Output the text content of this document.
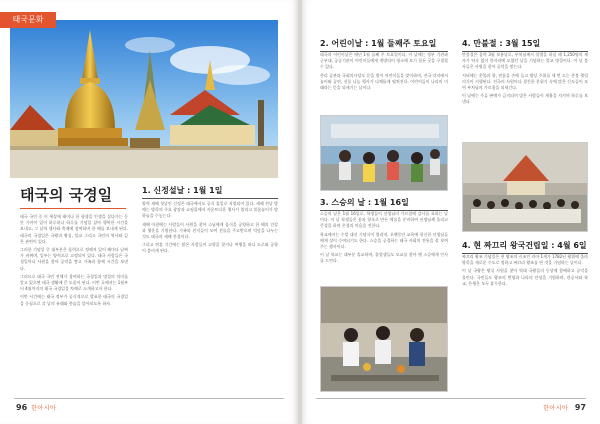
태국문화
태국의 국경일

태국 국민 중 이 세상에 태어나 한 평생을 인생을 살다가는 동안 가까이 있어 하루하나 하루를 기념일 삼아 행복한 시간을 보내고, 그 날의 행사와 축제에 참여하며 한 해를 보내게 된다. 태국의 국경일은 국왕과 왕실, 불교 그리고 국민의 역사와 깊은 관련이 있다.

그러한 기념일 중 대부분은 음력으로 정해져 있어 해마다 날짜가 바뀌며, 일부는 양력으로 고정되어 있다. 태국 사람들은 국경일마다 사원을 찾아 공덕을 쌓고 가족과 함께 시간을 보낸다.

그러므로 태국 국민 전체가 참여하는 국경일과 명절의 의미를 알고 있으면 태국 생활에 큰 도움이 된다. 이번 호에서는 1월부터 4월까지의 태국 국경일을 차례로 소개하고자 한다.

이번 시간에는 태국 정부가 공식적으로 발표한 태국의 국경일을 중심으로 각 날의 유래와 풍습을 알아보도록 하자.

1. 신정설날 : 1월 1일

양력 새해 첫날인 신정은 태국에서도 공식 휴일로 지정되어 있다. 새해 전날 밤에는 방콕의 주요 광장과 쇼핑몰에서 카운트다운 행사가 열리고 불꽃놀이가 밤하늘을 수놓는다.

새해 아침에는 사람들이 사원을 찾아 스님에게 음식을 공양하고 한 해의 건강과 행운을 기원한다. 가족과 친지들이 모여 선물을 주고받으며 덕담을 나누는 것도 태국의 새해 풍경이다.

그리고 연휴 기간에는 많은 사람들이 고향을 찾거나 여행을 떠나 도로와 공항이 붐비게 된다.

96 한아시아
2. 어린이날 : 1월 둘째주 토요일

태국의 어린이날은 매년 1월 둘째 주 토요일이다. 이 날에는 정부 기관과 군부대, 공공기관이 어린이들에게 개방되어 평소에 보기 힘든 곳을 구경할 수 있다.

총리 공관과 국회의사당도 문을 열어 어린이들을 맞이하며, 전국 각지에서 놀이와 공연, 선물 나눔 행사가 다채롭게 펼쳐진다. 어린이들이 나라의 미래라는 뜻을 되새기는 날이다.

3. 스승의 날 : 1월 16일

스승의 날은 1월 16일로, 학생들이 선생님의 가르침에 감사를 표하는 날이다. 이 날 학생들은 꽃과 향초로 만든 예물을 준비하여 선생님께 올리고 큰절을 하며 존경의 마음을 전한다.

학교에서는 수업 대신 기념식이 열리며, 오랫동안 교육에 헌신한 선생님들에게 상이 수여되기도 한다. 스승을 공경하는 태국 사회의 전통을 잘 보여주는 행사이다.

이 날 학교는 대부분 휴교하며, 졸업생들도 모교를 찾아 옛 스승에게 인사를 드린다.

4. 만불절 : 3월 15일

만불절은 음력 3월 보름날로, 부처님께서 설법을 하실 때 1,250명의 제자가 약속 없이 한자리에 모였던 날을 기념하는 불교 명절이다. 이 날 불자들은 사원을 찾아 공덕을 쌓는다.

저녁에는 촛불과 향, 연꽃을 손에 들고 법당 주위를 세 번 도는 촛불 행렬 의식이 거행된다. 전국의 사원마다 경건한 분위기 속에 많은 신도들이 모여 부처님의 가르침을 되새긴다.

이 날에는 주류 판매가 금지되며 많은 사람들이 계율을 지키며 하루를 보낸다.

4. 현 짜끄리 왕국건립일 : 4월 6일

짜끄리 왕조 기념일은 현 왕조의 시조인 라마 1세가 1782년 왕위에 올라 방콕을 새로운 수도로 정하고 짜끄리 왕조를 연 것을 기념하는 날이다.

이 날 국왕은 왕실 사원을 찾아 역대 국왕들의 동상에 참배하고 공덕을 올린다. 국민들도 왕조의 번영과 나라의 안녕을 기원하며, 관공서와 학교, 은행은 모두 휴무한다.

한아시아 97
